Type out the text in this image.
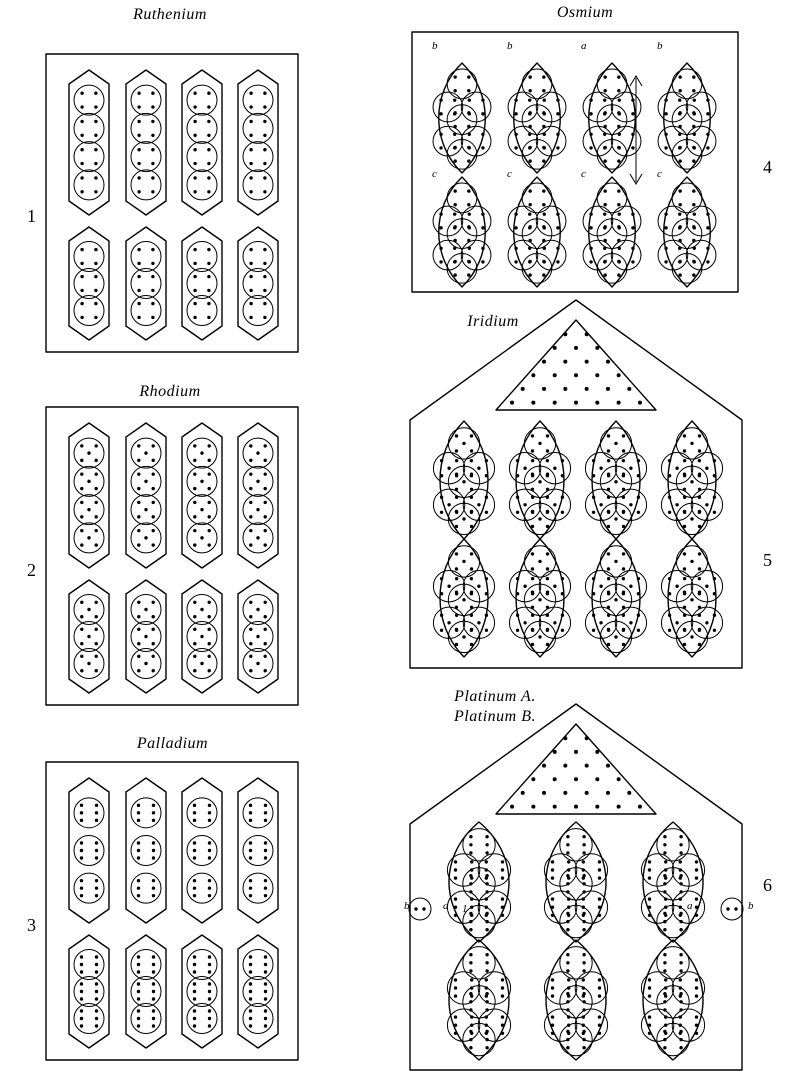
Ruthenium
1
Rhodium
2
Palladium
3
Osmium
4
b	b	a	b
c	c	c	c
Iridium
5
Platinum A.
Platinum B.
6
b	a 1	a	b
